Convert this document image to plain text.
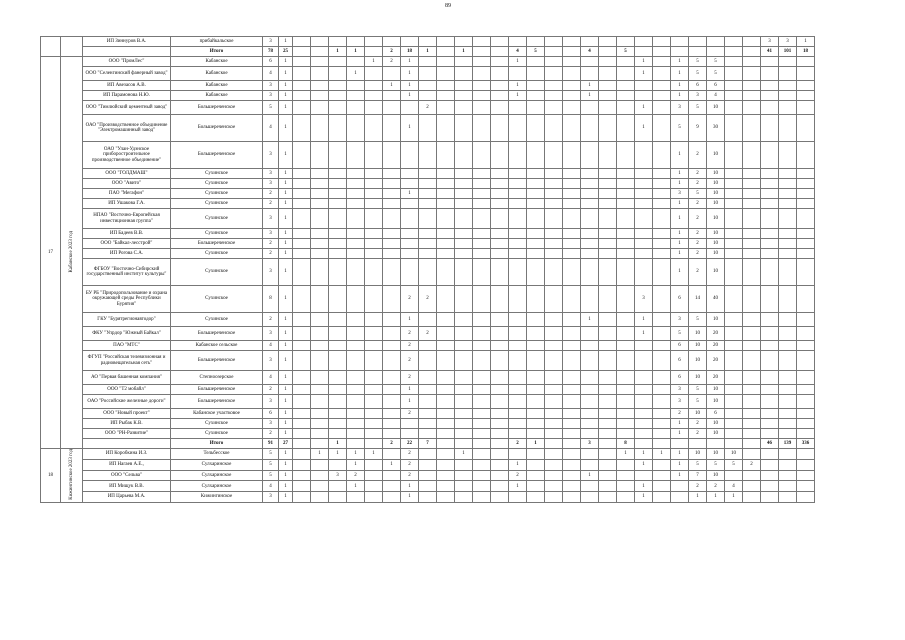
89
		ИП Зиннуров В.А.	прибайкальское	3	1																											3	3	1
			Итого	78	25			1	1		2	18	1		1			4	5			4		5								41	101	18
17	Кабанское 2023 год	ООО "ПромЛес"	Кабанское	6	1					1	2	1						1							1		1	5	5					
		ООО "Селенгинский фанерный завод"	Кабанское	4	1				1			1													1		1	5	5					
		ИП Авезасов А.В.	Кабанское	3	1						1	1						1				1					1	6	6					
		ИП Парамонова Н.Ю.	Кабанское	3	1							1						1				1					1	3	4					
		ООО "Тимлюйский цементный завод"	Большереченское	5	1								2												1		3	5	10					
		ОАО "Производственное объединение "Электромашинный завод"	Большереченское	4	1							1													1		5	9	30					
		ОАО "Улан-Удэнское приборостроительное производственное объединение"	Большереченское	3	1																						1	2	10					
		ООО "ГОЛДМАШ"	Сухинское	3	1																						1	2	10					
		ООО "Авито"	Сухинское	3	1																						1	2	10					
		ПАО "Мегафон"	Сухинское	2	1							1															3	5	10					
		ИП Ушакова Г.А.	Сухинское	2	1																						1	2	10					
		НПАО "Восточно-Европейская инвестиционная группа"	Сухинское	3	1																						1	2	10					
		ИП Бадеев В.В.	Сухинское	3	1																						1	2	10					
		ООО "Байкал-лесстрой"	Большереченское	2	1																						1	2	10					
		ИП Рогова С.А.	Сухинское	2	1																						1	2	10					
		ФГБОУ "Восточно-Сибирский государственный институт культуры"	Сухинское	3	1																						1	2	10					
		БУ РБ "Природопользование и охрана окружающей среды Республики Бурятия"	Сухинское	8	1							2	2												3		6	14	40					
		ГКУ "Бурятрегионавтодор"	Сухинское	2	1							1										1			1		3	5	10					
		ФКУ "Упрдор "Южный Байкал"	Большереченское	3	1							2	2												1		5	10	20					
		ПАО "МТС"	Кабанское сельское	4	1							2															6	10	20					
		ФГУП "Российская телевизионная и радиовещательная сеть"	Большереченское	3	1							2															6	10	20					
		АО "Первая башенная компания"	Степноозерское	4	1							2															6	10	20					
		ООО "Т2 мобайл"	Большереченское	2	1							1															3	5	10					
		ОАО "Российские железные дороги"	Большереченское	3	1							1															3	5	10					
		ООО "Новый проект"	Кабанское участковое	6	1							2															2	10	6					
		ИП Рыбак К.В.	Сухинское	3	1																						1	2	10					
		ООО "РН-Развитие"	Сухинское	2	1																						1	2	10					
			Итого	91	27			1			2	22	7					2	1			3		8								46	139	336
18	Кижингинское 2023 год	ИП Коробкина И.З.	Тельбесское	5	1		1	1	1	1		2			1									1	1	1	1	10	10	10				
		ИП Нагаев А.Е.,	Сулхаринское	5	1				1		1	2						1							1		1	5	5	5	2			
		ООО "Сельва"	Сулхаринское	5	1			3	2			2						2				1					1	7	10					
		ИП Мищук В.В.	Сулхаринское	4	1				1			1						1							1			2	2	4				
		ИП Царьева М.А.	Кижингинское	3	1							1													1			1	1	1				
